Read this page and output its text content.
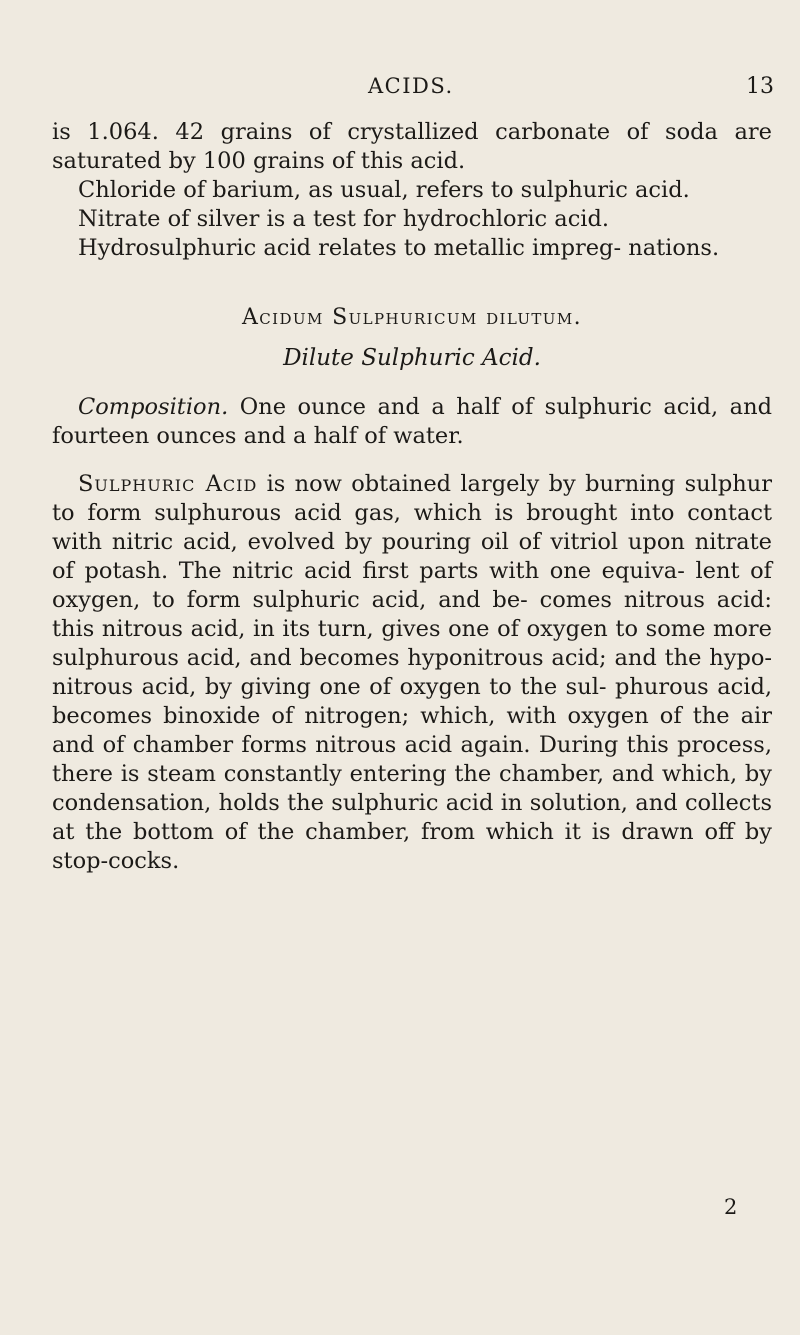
ACIDS.	13

is 1.064. 42 grains of crystallized carbonate of soda are saturated by 100 grains of this acid.

Chloride of barium, as usual, refers to sulphuric acid.

Nitrate of silver is a test for hydrochloric acid.

Hydrosulphuric acid relates to metallic impreg- nations.

Acidum Sulphuricum dilutum.
Dilute Sulphuric Acid.

Composition. One ounce and a half of sulphuric acid, and fourteen ounces and a half of water.

Sulphuric Acid is now obtained largely by burning sulphur to form sulphurous acid gas, which is brought into contact with nitric acid, evolved by pouring oil of vitriol upon nitrate of potash. The nitric acid first parts with one equiva- lent of oxygen, to form sulphuric acid, and be- comes nitrous acid: this nitrous acid, in its turn, gives one of oxygen to some more sulphurous acid, and becomes hyponitrous acid; and the hypo- nitrous acid, by giving one of oxygen to the sul- phurous acid, becomes binoxide of nitrogen; which, with oxygen of the air and of chamber forms nitrous acid again. During this process, there is steam constantly entering the chamber, and which, by condensation, holds the sulphuric acid in solution, and collects at the bottom of the chamber, from which it is drawn off by stop-cocks.

2
